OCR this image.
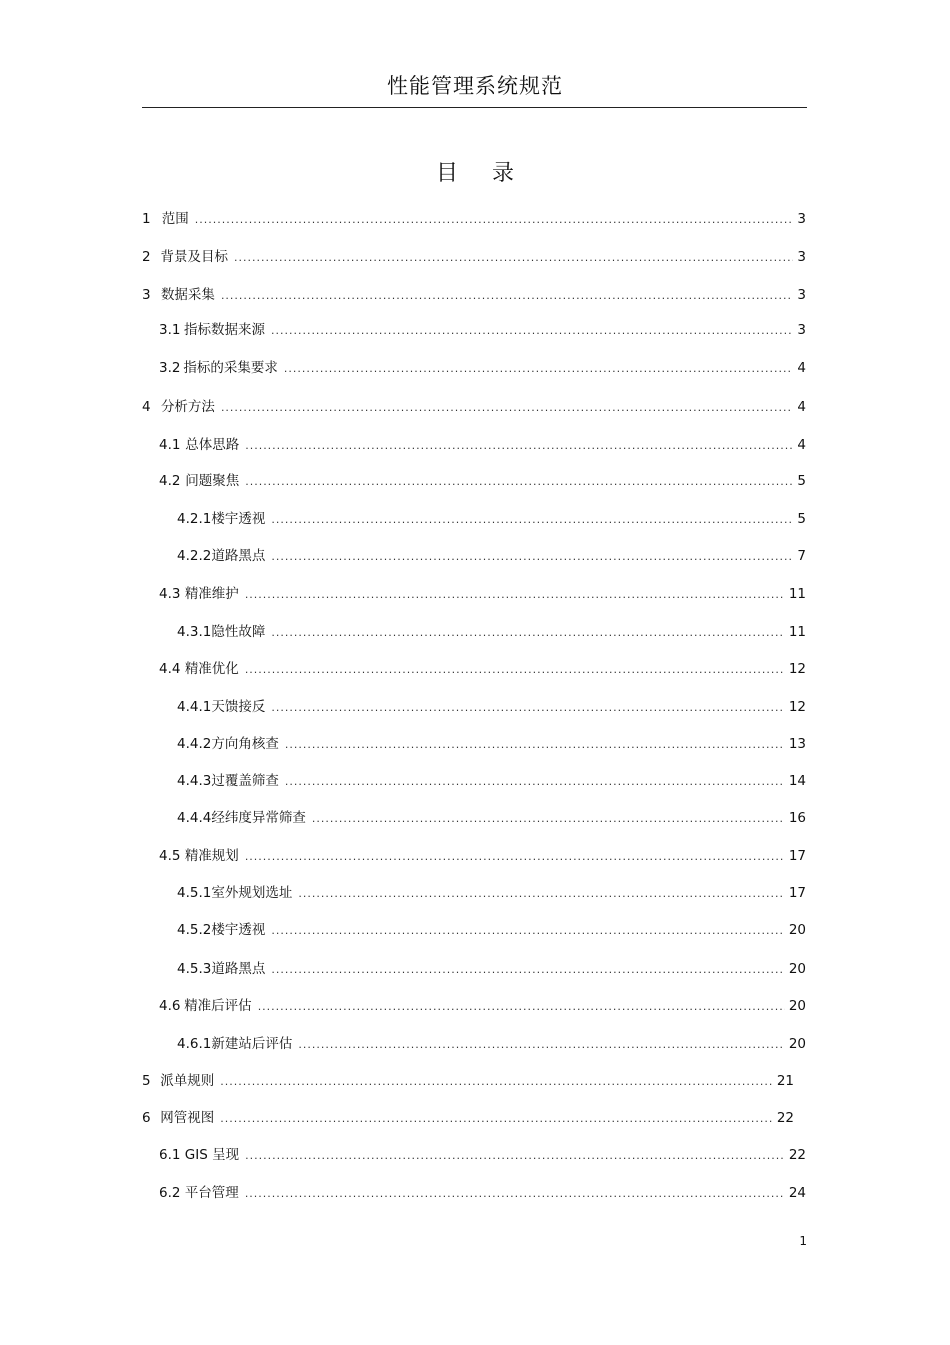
性能管理系统规范
目 录
1 范围 .....	3
2 背景及目标 .....	3
3 数据采集 .....	3
3.1 指标数据来源 .....	3
3.2 指标的采集要求 .....	4
4 分析方法 .....	4
4.1 总体思路 .....	4
4.2 问题聚焦 .....	5
4.2.1 楼宇透视 .....	5
4.2.2 道路黑点 .....	7
4.3 精准维护 .....	11
4.3.1 隐性故障 .....	11
4.4 精准优化 .....	12
4.4.1 天馈接反 .....	12
4.4.2 方向角核查 .....	13
4.4.3 过覆盖筛查 .....	14
4.4.4 经纬度异常筛查 .....	16
4.5 精准规划 .....	17
4.5.1 室外规划选址 .....	17
4.5.2 楼宇透视 .....	20
4.5.3 道路黑点 .....	20
4.6 精准后评估 .....	20
4.6.1 新建站后评估 .....	20
5 派单规则 .....	21
6 网管视图 .....	22
6.1 GIS 呈现 .....	22
6.2 平台管理 .....	24
1
